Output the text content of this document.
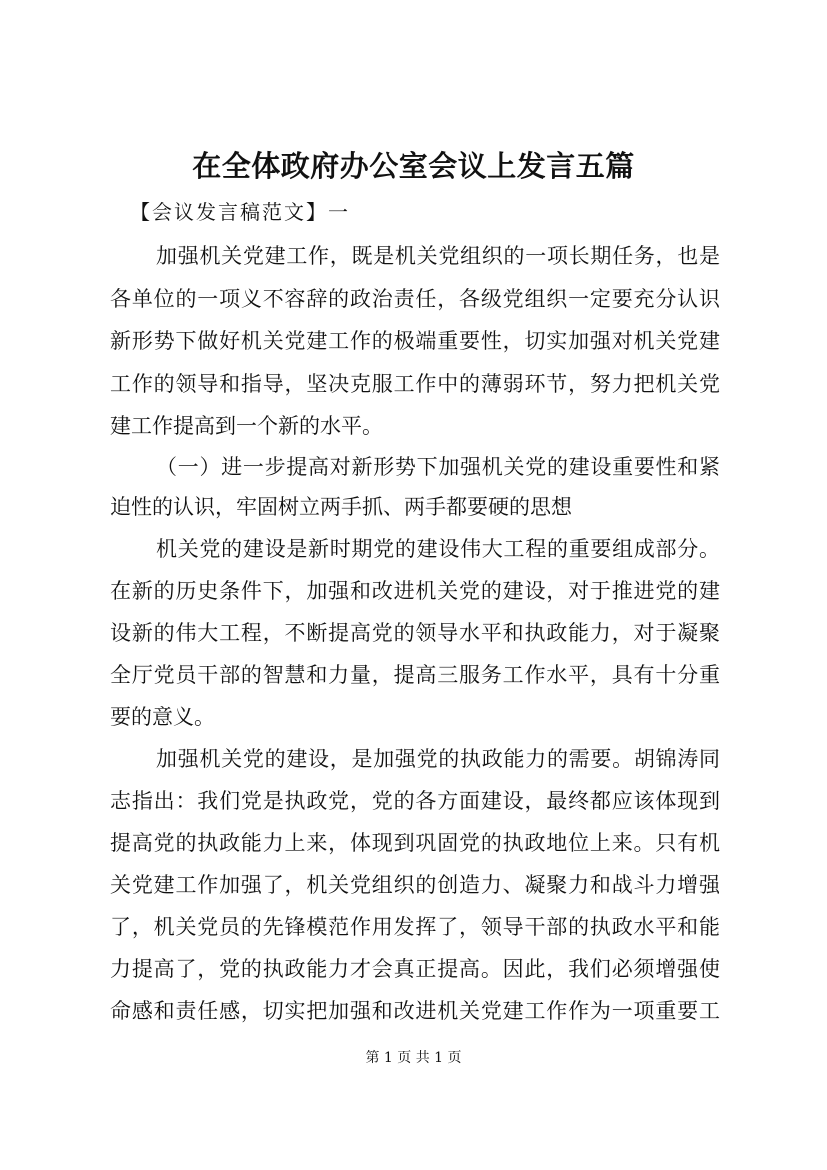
在全体政府办公室会议上发言五篇
【会议发言稿范文】一
加强机关党建工作，既是机关党组织的一项长期任务，也是
各单位的一项义不容辞的政治责任，各级党组织一定要充分认识
新形势下做好机关党建工作的极端重要性，切实加强对机关党建
工作的领导和指导，坚决克服工作中的薄弱环节，努力把机关党
建工作提高到一个新的水平。
（一）进一步提高对新形势下加强机关党的建设重要性和紧
迫性的认识，牢固树立两手抓、两手都要硬的思想
机关党的建设是新时期党的建设伟大工程的重要组成部分。
在新的历史条件下，加强和改进机关党的建设，对于推进党的建
设新的伟大工程，不断提高党的领导水平和执政能力，对于凝聚
全厅党员干部的智慧和力量，提高三服务工作水平，具有十分重
要的意义。
加强机关党的建设，是加强党的执政能力的需要。胡锦涛同
志指出：我们党是执政党，党的各方面建设，最终都应该体现到
提高党的执政能力上来，体现到巩固党的执政地位上来。只有机
关党建工作加强了，机关党组织的创造力、凝聚力和战斗力增强
了，机关党员的先锋模范作用发挥了，领导干部的执政水平和能
力提高了，党的执政能力才会真正提高。因此，我们必须增强使
命感和责任感，切实把加强和改进机关党建工作作为一项重要工
第 1 页 共 1 页
